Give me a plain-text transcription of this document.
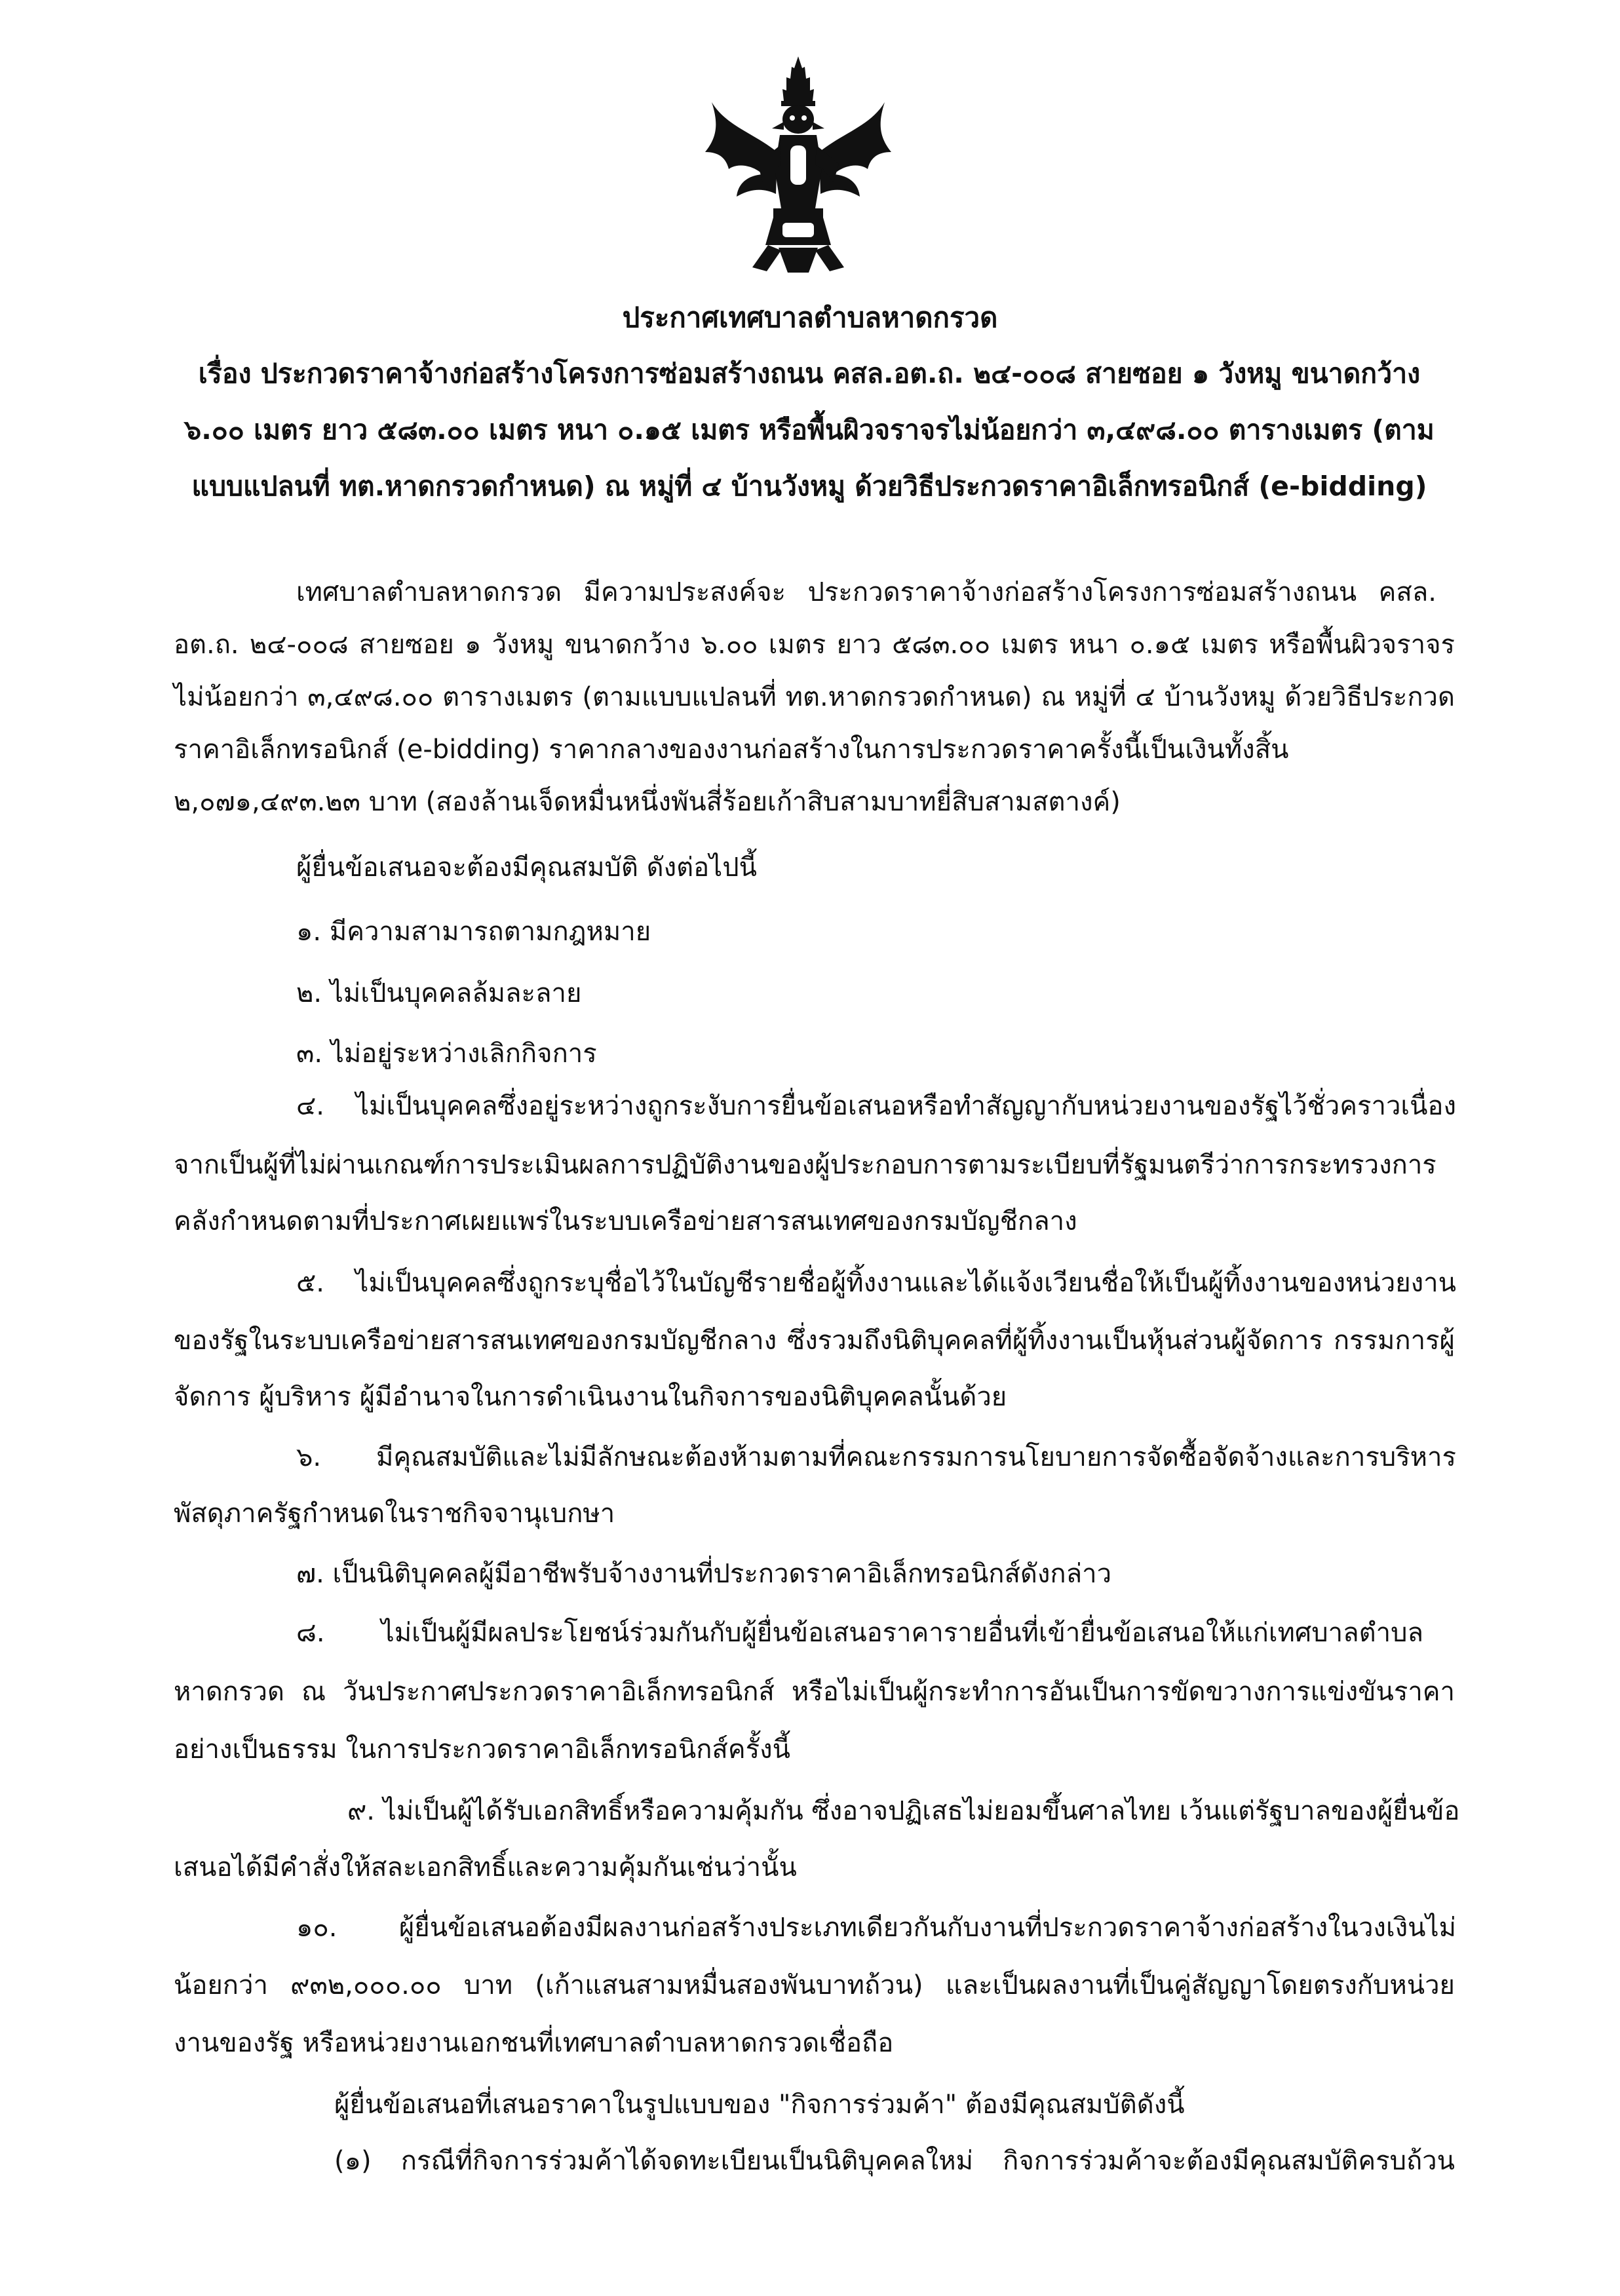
ประกาศเทศบาลตำบลหาดกรวด
เรื่อง ประกวดราคาจ้างก่อสร้างโครงการซ่อมสร้างถนน คสล.อต.ถ. ๒๔-๐๐๘ สายซอย ๑ วังหมู ขนาดกว้าง
๖.๐๐ เมตร ยาว ๕๘๓.๐๐ เมตร หนา ๐.๑๕ เมตร หรือพื้นผิวจราจรไม่น้อยกว่า ๓,๔๙๘.๐๐ ตารางเมตร (ตาม
แบบแปลนที่ ทต.หาดกรวดกำหนด) ณ หมู่ที่ ๔ บ้านวังหมู ด้วยวิธีประกวดราคาอิเล็กทรอนิกส์ (e-bidding)
เทศบาลตำบลหาดกรวด มีความประสงค์จะ ประกวดราคาจ้างก่อสร้างโครงการซ่อมสร้างถนน คสล.
อต.ถ. ๒๔-๐๐๘ สายซอย ๑ วังหมู ขนาดกว้าง ๖.๐๐ เมตร ยาว ๕๘๓.๐๐ เมตร หนา ๐.๑๕ เมตร หรือพื้นผิวจราจร
ไม่น้อยกว่า ๓,๔๙๘.๐๐ ตารางเมตร (ตามแบบแปลนที่ ทต.หาดกรวดกำหนด) ณ หมู่ที่ ๔ บ้านวังหมู ด้วยวิธีประกวด
ราคาอิเล็กทรอนิกส์ (e-bidding) ราคากลางของงานก่อสร้างในการประกวดราคาครั้งนี้เป็นเงินทั้งสิ้น
๒,๐๗๑,๔๙๓.๒๓ บาท (สองล้านเจ็ดหมื่นหนึ่งพันสี่ร้อยเก้าสิบสามบาทยี่สิบสามสตางค์)
ผู้ยื่นข้อเสนอจะต้องมีคุณสมบัติ ดังต่อไปนี้
๑. มีความสามารถตามกฎหมาย
๒. ไม่เป็นบุคคลล้มละลาย
๓. ไม่อยู่ระหว่างเลิกกิจการ
๔. ไม่เป็นบุคคลซึ่งอยู่ระหว่างถูกระงับการยื่นข้อเสนอหรือทำสัญญากับหน่วยงานของรัฐไว้ชั่วคราวเนื่อง
จากเป็นผู้ที่ไม่ผ่านเกณฑ์การประเมินผลการปฏิบัติงานของผู้ประกอบการตามระเบียบที่รัฐมนตรีว่าการกระทรวงการ
คลังกำหนดตามที่ประกาศเผยแพร่ในระบบเครือข่ายสารสนเทศของกรมบัญชีกลาง
๕. ไม่เป็นบุคคลซึ่งถูกระบุชื่อไว้ในบัญชีรายชื่อผู้ทิ้งงานและได้แจ้งเวียนชื่อให้เป็นผู้ทิ้งงานของหน่วยงาน
ของรัฐในระบบเครือข่ายสารสนเทศของกรมบัญชีกลาง ซึ่งรวมถึงนิติบุคคลที่ผู้ทิ้งงานเป็นหุ้นส่วนผู้จัดการ กรรมการผู้
จัดการ ผู้บริหาร ผู้มีอำนาจในการดำเนินงานในกิจการของนิติบุคคลนั้นด้วย
๖. มีคุณสมบัติและไม่มีลักษณะต้องห้ามตามที่คณะกรรมการนโยบายการจัดซื้อจัดจ้างและการบริหาร
พัสดุภาครัฐกำหนดในราชกิจจานุเบกษา
๗. เป็นนิติบุคคลผู้มีอาชีพรับจ้างงานที่ประกวดราคาอิเล็กทรอนิกส์ดังกล่าว
๘. ไม่เป็นผู้มีผลประโยชน์ร่วมกันกับผู้ยื่นข้อเสนอราคารายอื่นที่เข้ายื่นข้อเสนอให้แก่เทศบาลตำบล
หาดกรวด ณ วันประกาศประกวดราคาอิเล็กทรอนิกส์ หรือไม่เป็นผู้กระทำการอันเป็นการขัดขวางการแข่งขันราคา
อย่างเป็นธรรม ในการประกวดราคาอิเล็กทรอนิกส์ครั้งนี้
๙. ไม่เป็นผู้ได้รับเอกสิทธิ์หรือความคุ้มกัน ซึ่งอาจปฏิเสธไม่ยอมขึ้นศาลไทย เว้นแต่รัฐบาลของผู้ยื่นข้อ
เสนอได้มีคำสั่งให้สละเอกสิทธิ์และความคุ้มกันเช่นว่านั้น
๑๐. ผู้ยื่นข้อเสนอต้องมีผลงานก่อสร้างประเภทเดียวกันกับงานที่ประกวดราคาจ้างก่อสร้างในวงเงินไม่
น้อยกว่า ๙๓๒,๐๐๐.๐๐ บาท (เก้าแสนสามหมื่นสองพันบาทถ้วน) และเป็นผลงานที่เป็นคู่สัญญาโดยตรงกับหน่วย
งานของรัฐ หรือหน่วยงานเอกชนที่เทศบาลตำบลหาดกรวดเชื่อถือ
ผู้ยื่นข้อเสนอที่เสนอราคาในรูปแบบของ "กิจการร่วมค้า" ต้องมีคุณสมบัติดังนี้
(๑) กรณีที่กิจการร่วมค้าได้จดทะเบียนเป็นนิติบุคคลใหม่ กิจการร่วมค้าจะต้องมีคุณสมบัติครบถ้วน
